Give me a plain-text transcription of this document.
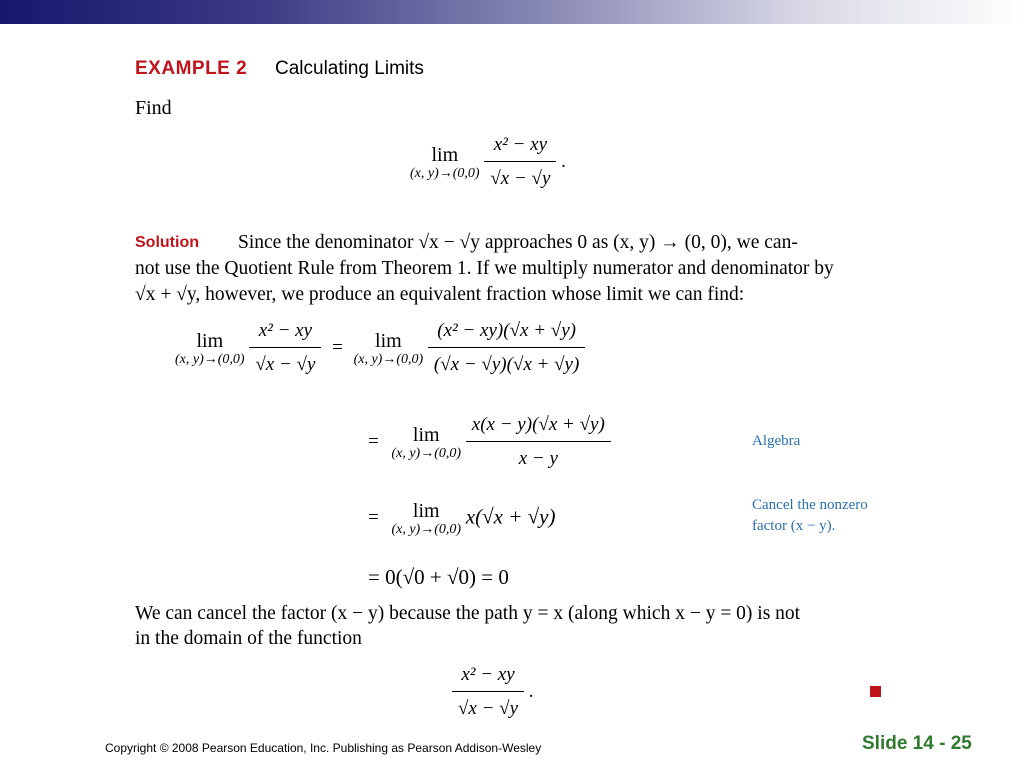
EXAMPLE 2 Calculating Limits
Find
lim
(x, y)→(0,0)
$\frac{\text{x² − xy}}{√x - √y}$ .
Solution Since the denominator √x − √y approaches 0 as (x, y) → (0, 0), we can-
not use the Quotient Rule from Theorem 1. If we multiply numerator and denominator by
√x + √y, however, we produce an equivalent fraction whose limit we can find:
lim
(x, y)→(0,0)
$\frac{\text{x² − xy}}{√x - √y}$ =	lim
(x, y)→(0,0)
$\frac{\text{(x² − xy)(√x + √y)}}{(√x - √y)(√x + √y)}$
=	lim
(x, y)→(0,0)
$\frac{x(x - y)(√x + √y)}{x - y}$	Algebra
=	lim
(x, y)→(0,0)
x(√x + √y)	Cancel the nonzero
factor (x − y).
= 0(√0 + √0) = 0
We can cancel the factor (x − y) because the path y = x (along which x − y = 0) is not
in the domain of the function
$\frac{\text{x² − xy}}{√x - √y}$ .
Copyright © 2008 Pearson Education, Inc. Publishing as Pearson Addison-Wesley	Slide 14 - 25
